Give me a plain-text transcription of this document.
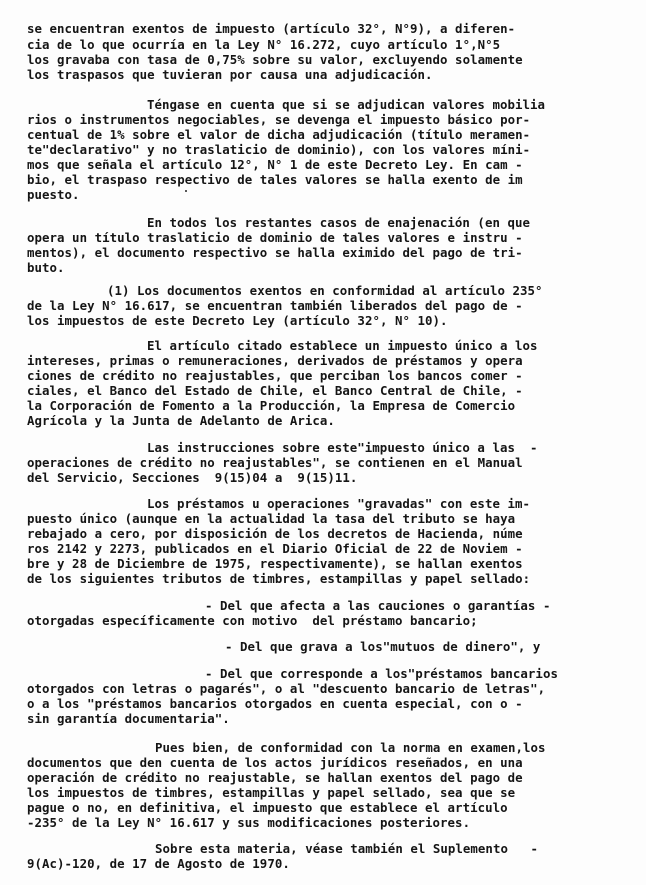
se encuentran exentos de impuesto (artículo 32°, N°9), a diferen-
cia de lo que ocurría en la Ley N° 16.272, cuyo artículo 1°,N°5
los gravaba con tasa de 0,75% sobre su valor, excluyendo solamente
los traspasos que tuvieran por causa una adjudicación.
Téngase en cuenta que si se adjudican valores mobilia
rios o instrumentos negociables, se devenga el impuesto básico por-
centual de 1% sobre el valor de dicha adjudicación (título meramen-
te"declarativo" y no traslaticio de dominio), con los valores míni-
mos que señala el artículo 12°, N° 1 de este Decreto Ley. En cam -
bio, el traspaso respectivo de tales valores se halla exento de im
puesto.
En todos los restantes casos de enajenación (en que
opera un título traslaticio de dominio de tales valores e instru -
mentos), el documento respectivo se halla eximido del pago de tri-
buto.
(1) Los documentos exentos en conformidad al artículo 235°
de la Ley N° 16.617, se encuentran también liberados del pago de -
los impuestos de este Decreto Ley (artículo 32°, N° 10).
El artículo citado establece un impuesto único a los
intereses, primas o remuneraciones, derivados de préstamos y opera
ciones de crédito no reajustables, que perciban los bancos comer -
ciales, el Banco del Estado de Chile, el Banco Central de Chile, -
la Corporación de Fomento a la Producción, la Empresa de Comercio
Agrícola y la Junta de Adelanto de Arica.
Las instrucciones sobre este"impuesto único a las  -
operaciones de crédito no reajustables", se contienen en el Manual
del Servicio, Secciones  9(15)04 a  9(15)11.
Los préstamos u operaciones "gravadas" con este im-
puesto único (aunque en la actualidad la tasa del tributo se haya
rebajado a cero, por disposición de los decretos de Hacienda, núme
ros 2142 y 2273, publicados en el Diario Oficial de 22 de Noviem -
bre y 28 de Diciembre de 1975, respectivamente), se hallan exentos
de los siguientes tributos de timbres, estampillas y papel sellado:
- Del que afecta a las cauciones o garantías -
otorgadas específicamente con motivo  del préstamo bancario;
- Del que grava a los"mutuos de dinero", y
- Del que corresponde a los"préstamos bancarios
otorgados con letras o pagarés", o al "descuento bancario de letras",
o a los "préstamos bancarios otorgados en cuenta especial, con o -
sin garantía documentaria".
Pues bien, de conformidad con la norma en examen,los
documentos que den cuenta de los actos jurídicos reseñados, en una
operación de crédito no reajustable, se hallan exentos del pago de
los impuestos de timbres, estampillas y papel sellado, sea que se
pague o no, en definitiva, el impuesto que establece el artículo
-235° de la Ley N° 16.617 y sus modificaciones posteriores.
Sobre esta materia, véase también el Suplemento   -
9(Ac)-120, de 17 de Agosto de 1970.
